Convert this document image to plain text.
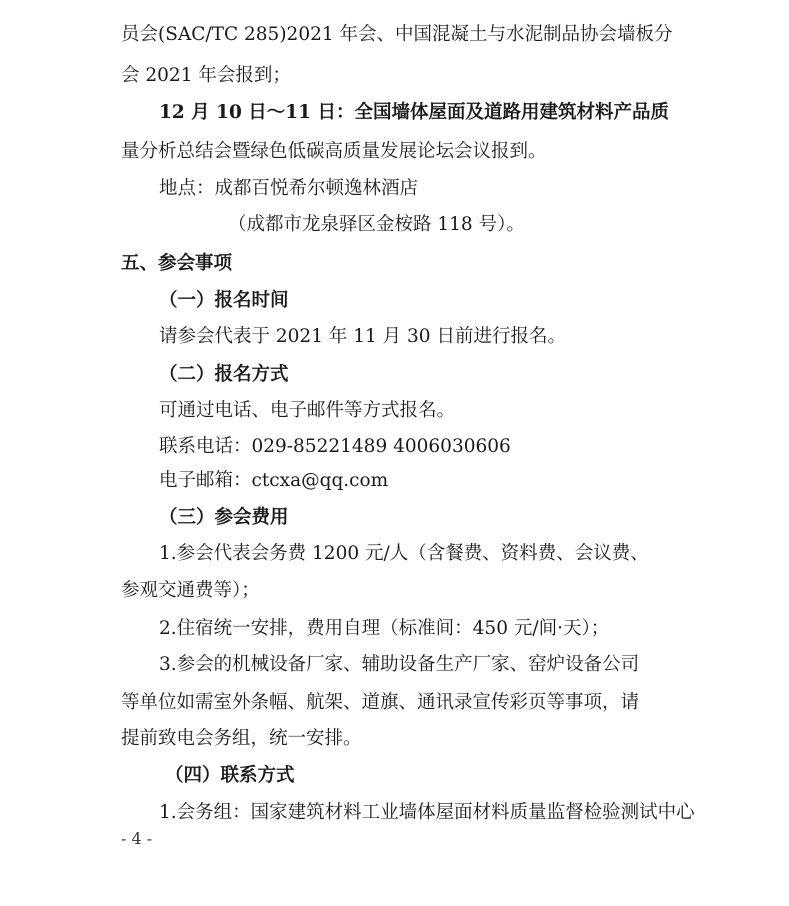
员会(SAC/TC 285)2021 年会、中国混凝土与水泥制品协会墙板分
会 2021 年会报到；
12 月 10 日～11 日：全国墙体屋面及道路用建筑材料产品质
量分析总结会暨绿色低碳高质量发展论坛会议报到。
地点：成都百悦希尔顿逸林酒店
（成都市龙泉驿区金桉路 118 号）。
五、参会事项
（一）报名时间
请参会代表于 2021 年 11 月 30 日前进行报名。
（二）报名方式
可通过电话、电子邮件等方式报名。
联系电话：029-85221489 4006030606
电子邮箱：ctcxa@qq.com
（三）参会费用
1.参会代表会务费 1200 元/人（含餐费、资料费、会议费、
参观交通费等）；
2.住宿统一安排，费用自理（标准间：450 元/间·天）；
3.参会的机械设备厂家、辅助设备生产厂家、窑炉设备公司
等单位如需室外条幅、航架、道旗、通讯录宣传彩页等事项，请
提前致电会务组，统一安排。
（四）联系方式
1.会务组：国家建筑材料工业墙体屋面材料质量监督检验测试中心
- 4 -
